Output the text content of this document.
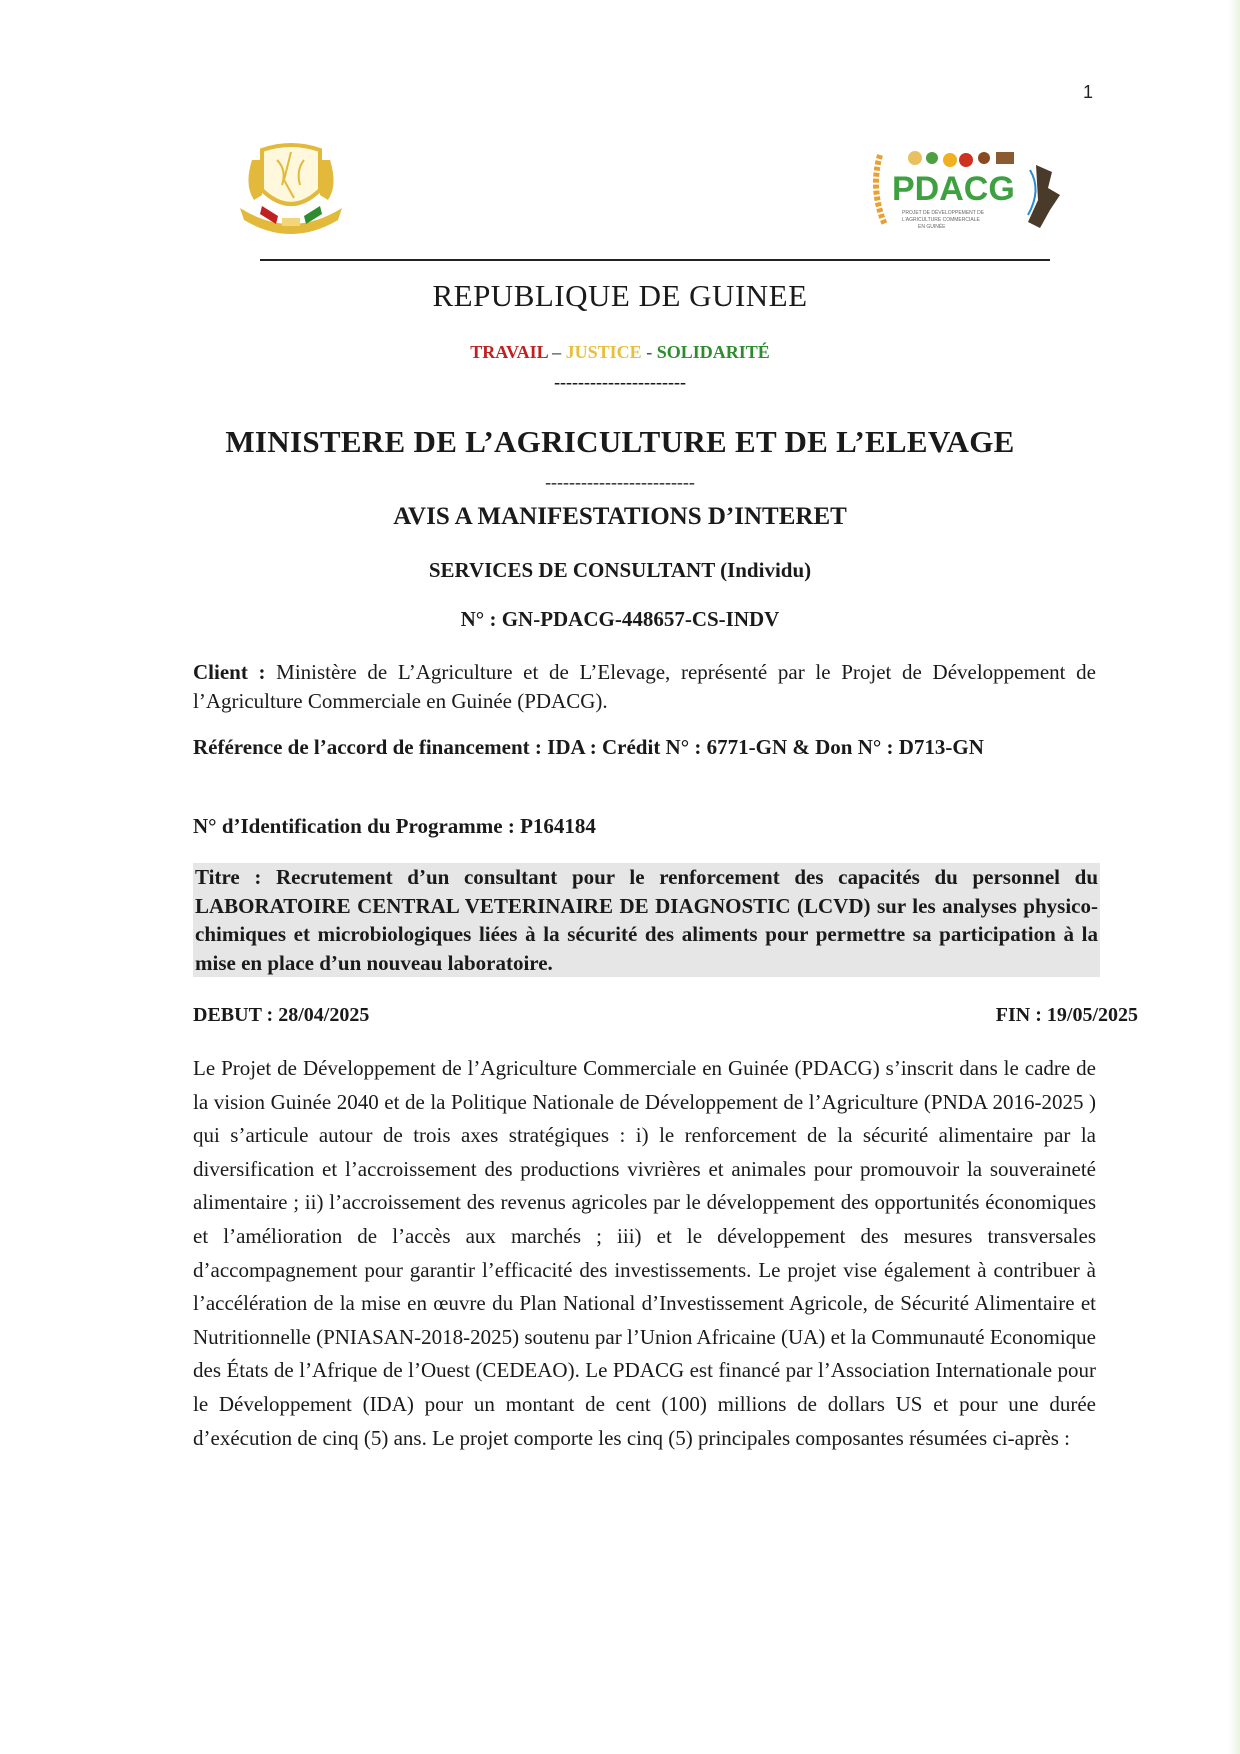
1
PDACG
PROJET DE DÉVELOPPEMENT DE
L'AGRICULTURE COMMERCIALE
EN GUINÉE
REPUBLIQUE DE GUINEE
TRAVAIL – JUSTICE - SOLIDARITÉ
----------------------
MINISTERE DE L’AGRICULTURE ET DE L’ELEVAGE
-------------------------
AVIS A MANIFESTATIONS D’INTERET
SERVICES DE CONSULTANT (Individu)
N° : GN-PDACG-448657-CS-INDV
Client : Ministère de L’Agriculture et de L’Elevage, représenté par le Projet de Développement de l’Agriculture Commerciale en Guinée (PDACG).
Référence de l’accord de financement : IDA : Crédit N° : 6771-GN & Don N° : D713-GN
N° d’Identification du Programme : P164184
Titre : Recrutement d’un consultant pour le renforcement des capacités du personnel du LABORATOIRE CENTRAL VETERINAIRE DE DIAGNOSTIC (LCVD) sur les analyses physico-chimiques et microbiologiques liées à la sécurité des aliments pour permettre sa participation à la mise en place d’un nouveau laboratoire.
DEBUT : 28/04/2025	FIN : 19/05/2025
Le Projet de Développement de l’Agriculture Commerciale en Guinée (PDACG) s’inscrit dans le cadre de la vision Guinée 2040 et de la Politique Nationale de Développement de l’Agriculture (PNDA 2016-2025 ) qui s’articule autour de trois axes stratégiques : i) le renforcement de la sécurité alimentaire par la diversification et l’accroissement des productions vivrières et animales pour promouvoir la souveraineté alimentaire ; ii) l’accroissement des revenus agricoles par le développement des opportunités économiques et l’amélioration de l’accès aux marchés ; iii) et le développement des mesures transversales d’accompagnement pour garantir l’efficacité des investissements. Le projet vise également à contribuer à l’accélération de la mise en œuvre du Plan National d’Investissement Agricole, de Sécurité Alimentaire et Nutritionnelle (PNIASAN-2018-2025) soutenu par l’Union Africaine (UA) et la Communauté Economique des États de l’Afrique de l’Ouest (CEDEAO). Le PDACG est financé par l’Association Internationale pour le Développement (IDA) pour un montant de cent (100) millions de dollars US et pour une durée d’exécution de cinq (5) ans. Le projet comporte les cinq (5) principales composantes résumées ci-après :
